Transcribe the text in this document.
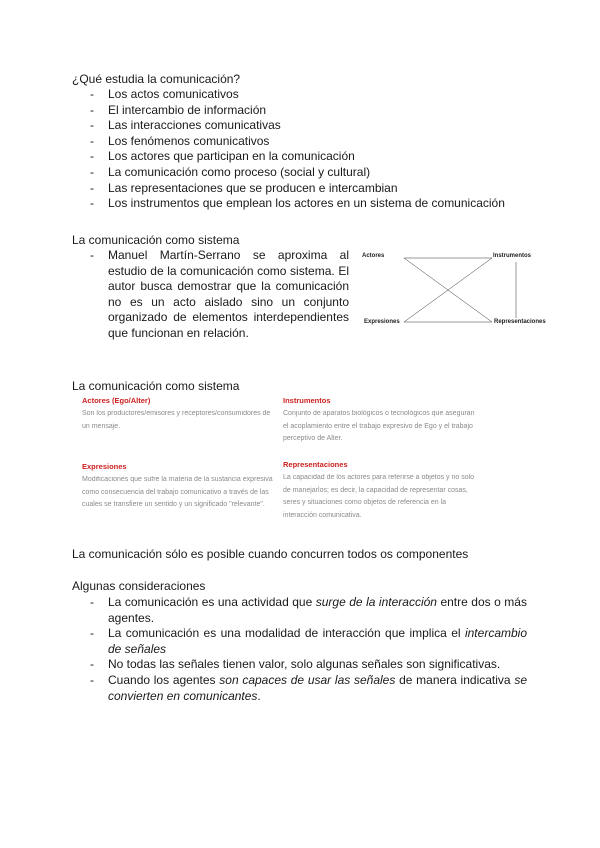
¿Qué estudia la comunicación?
- Los actos comunicativos
- El intercambio de información
- Las interacciones comunicativas
- Los fenómenos comunicativos
- Los actores que participan en la comunicación
- La comunicación como proceso (social y cultural)
- Las representaciones que se producen e intercambian
- Los instrumentos que emplean los actores en un sistema de comunicación
La comunicación como sistema
- Manuel Martín-Serrano se aproxima al estudio de la comunicación como sistema. El autor busca demostrar que la comunicación no es un acto aislado sino un conjunto organizado de elementos interdependientes que funcionan en relación.
Actores	Instrumentos
Expresiones	Representaciones
La comunicación como sistema
Actores (Ego/Alter)
Son los productores/emisores y receptores/consumidores de un mensaje.
Instrumentos
Conjunto de aparatos biológicos o tecnológicos que aseguran el acoplamiento entre el trabajo expresivo de Ego y el trabajo perceptivo de Alter.
Expresiones
Modificaciones que sufre la materia de la sustancia expresiva como consecuencia del trabajo comunicativo a través de las cuales se transfiere un sentido y un significado "relevante".
Representaciones
La capacidad de los actores para referirse a objetos y no solo de manejarlos; es decir, la capacidad de representar cosas, seres y situaciones como objetos de referencia en la interacción comunicativa.
La comunicación sólo es posible cuando concurren todos os componentes
Algunas consideraciones
- La comunicación es una actividad que surge de la interacción entre dos o más agentes.
- La comunicación es una modalidad de interacción que implica el intercambio de señales
- No todas las señales tienen valor, solo algunas señales son significativas.
- Cuando los agentes son capaces de usar las señales de manera indicativa se convierten en comunicantes.
